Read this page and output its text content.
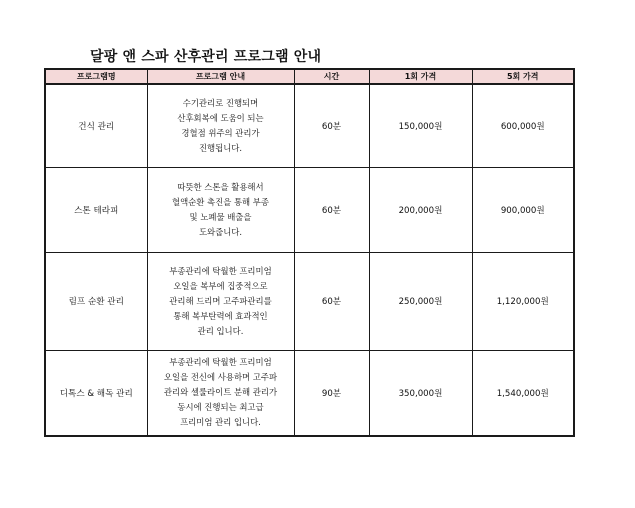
달팡 앤 스파 산후관리 프로그램 안내
프로그램명	프로그램 안내	시간	1회 가격	5회 가격
건식 관리	수기관리로 진행되며
산후회복에 도움이 되는
경혈점 위주의 관리가
진행됩니다.	60분	150,000원	600,000원
스톤 테라피	따뜻한 스톤을 활용해서
혈액순환 촉진을 통해 부종
및 노폐물 배출을
도와줍니다.	60분	200,000원	900,000원
림프 순환 관리	부종관리에 탁월한 프리미엄
오일을 복부에 집중적으로
관리해 드리며 고주파관리를
통해 복부탄력에 효과적인
관리 입니다.	60분	250,000원	1,120,000원
디톡스 & 해독 관리	부종관리에 탁월한 프리미엄
오일을 전신에 사용하며 고주파
관리와 셀룰라이트 분해 관리가
동시에 진행되는 최고급
프리미엄 관리 입니다.	90분	350,000원	1,540,000원
